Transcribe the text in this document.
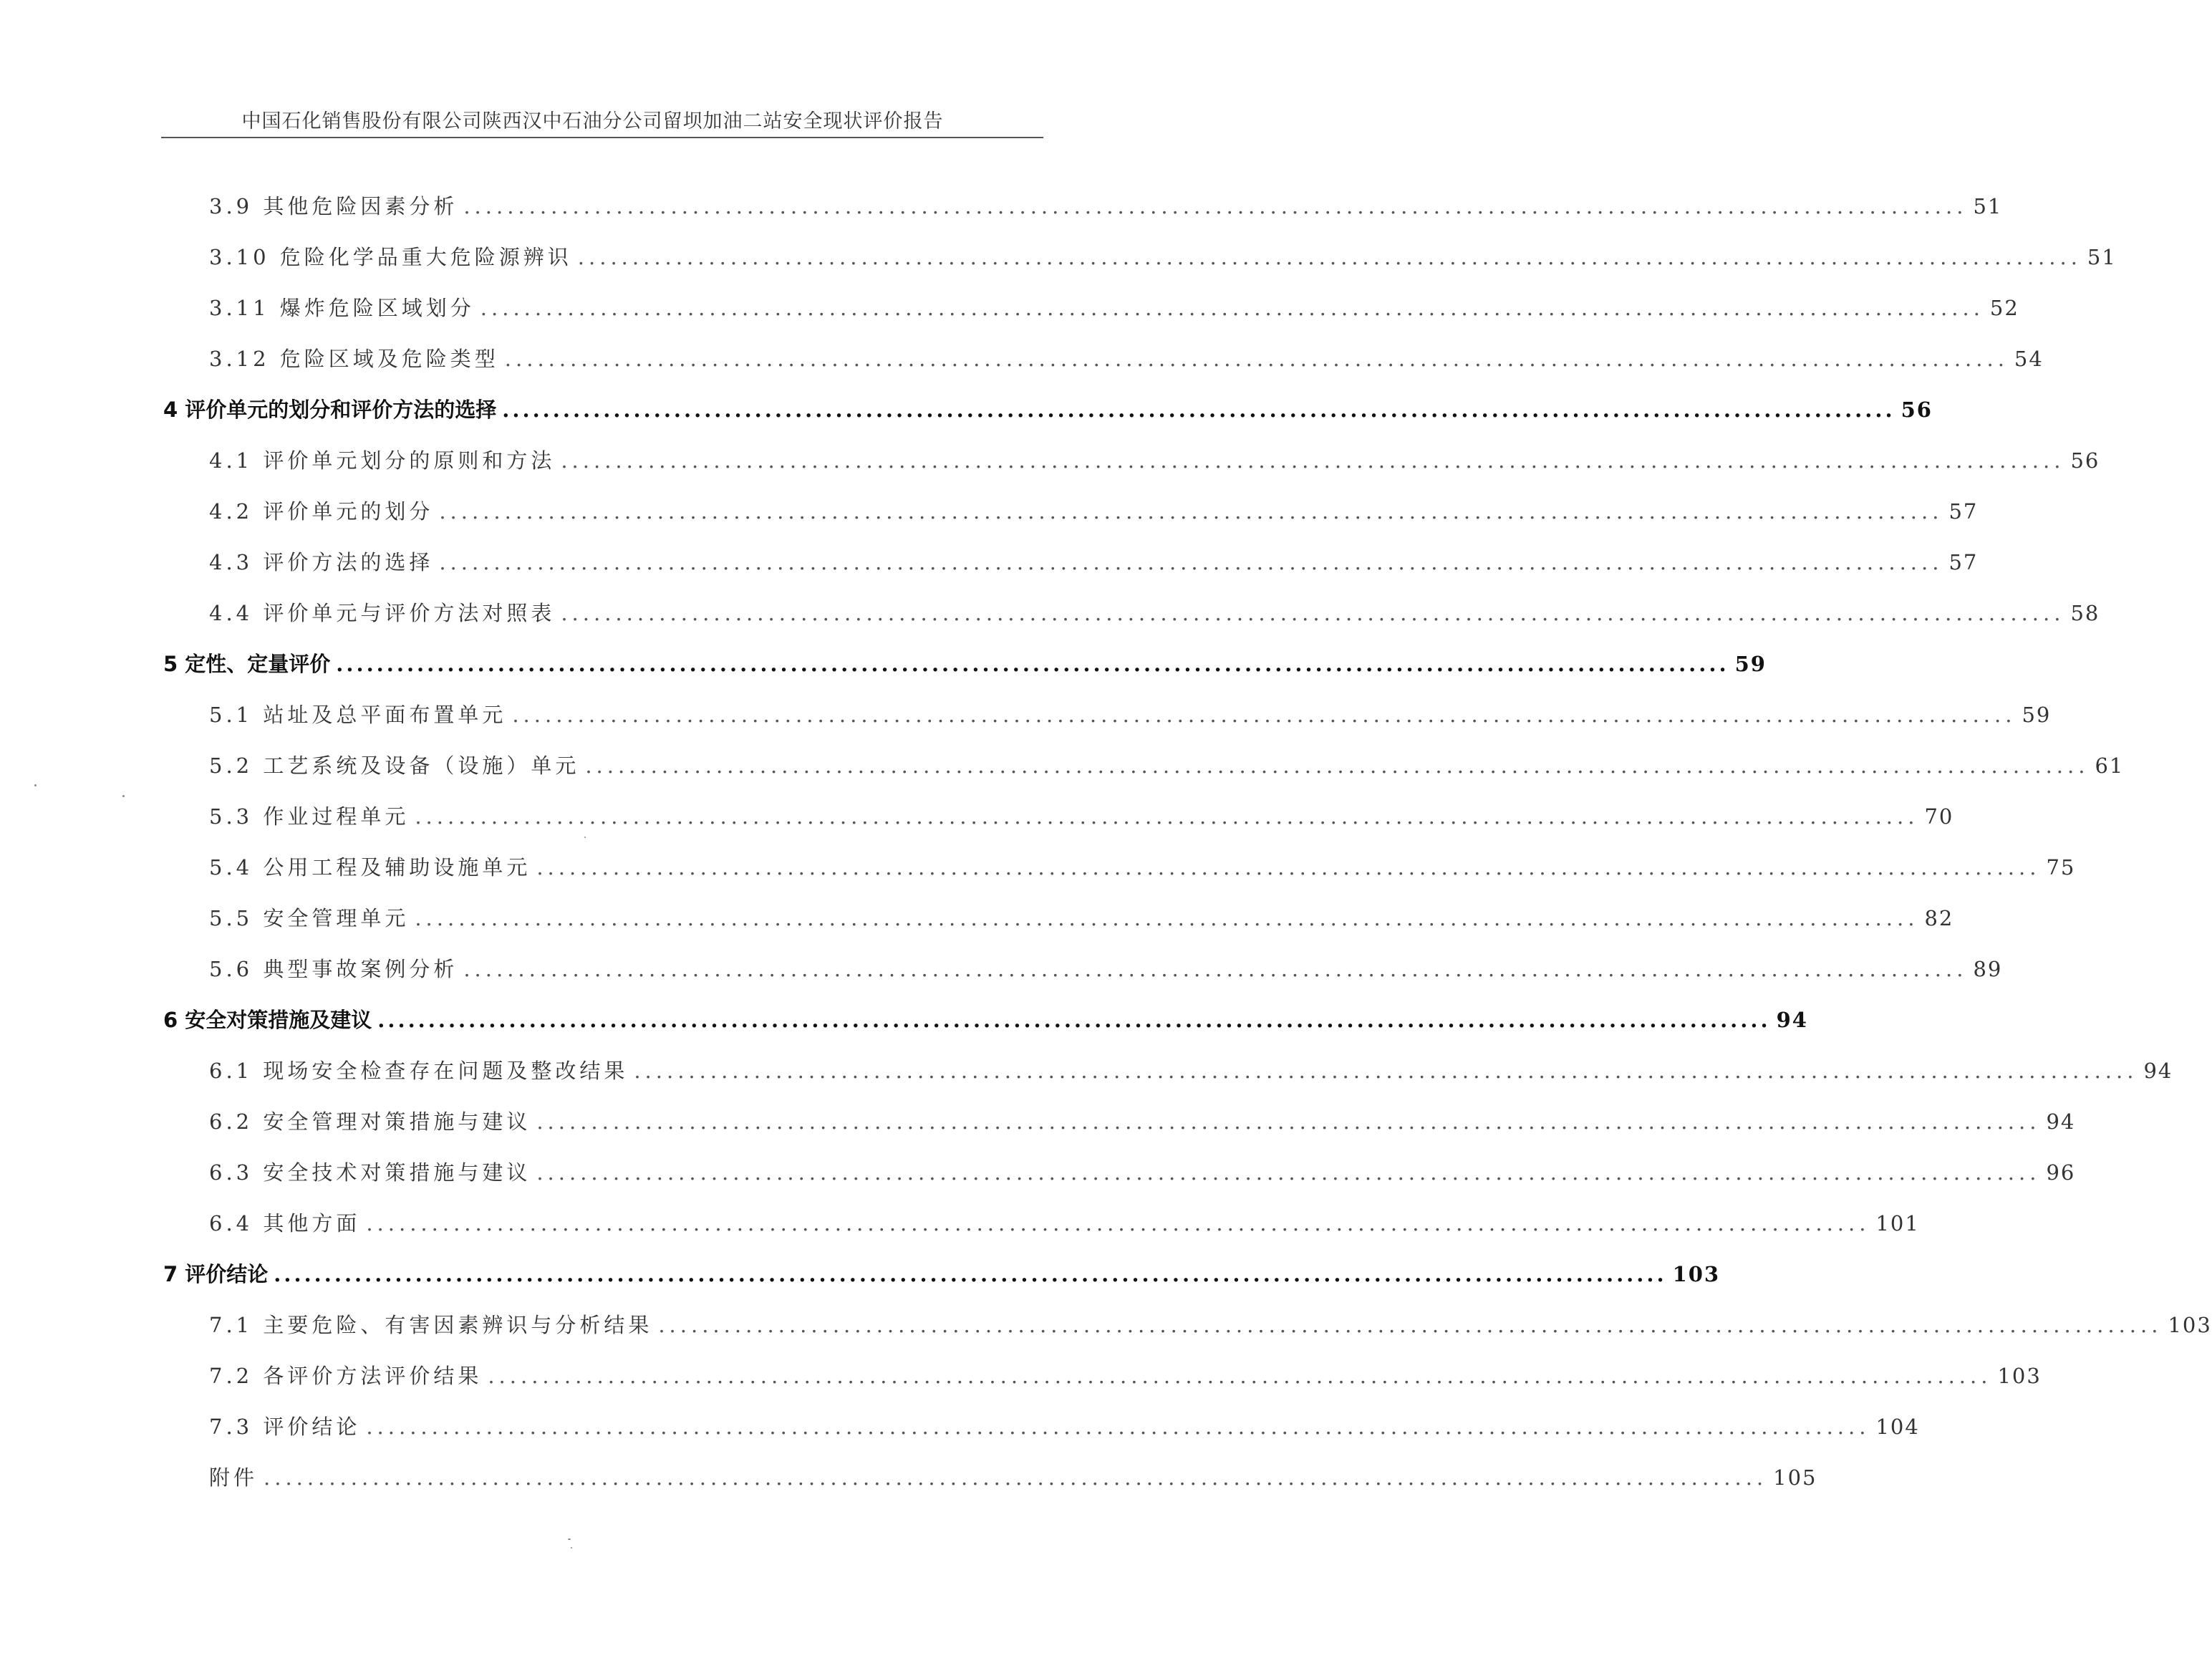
中国石化销售股份有限公司陕西汉中石油分公司留坝加油二站安全现状评价报告
3.9 其他危险因素分析 .......................................................................................................................................... 51
3.10 危险化学品重大危险源辨识 .......................................................................................................................................... 51
3.11 爆炸危险区域划分 .......................................................................................................................................... 52
3.12 危险区域及危险类型 .......................................................................................................................................... 54
4 评价单元的划分和评价方法的选择 .......................................................................................................................................... 56
4.1 评价单元划分的原则和方法 .......................................................................................................................................... 56
4.2 评价单元的划分 .......................................................................................................................................... 57
4.3 评价方法的选择 .......................................................................................................................................... 57
4.4 评价单元与评价方法对照表 .......................................................................................................................................... 58
5 定性、定量评价 .......................................................................................................................................... 59
5.1 站址及总平面布置单元 .......................................................................................................................................... 59
5.2 工艺系统及设备（设施）单元 .......................................................................................................................................... 61
5.3 作业过程单元 .......................................................................................................................................... 70
5.4 公用工程及辅助设施单元 .......................................................................................................................................... 75
5.5 安全管理单元 .......................................................................................................................................... 82
5.6 典型事故案例分析 .......................................................................................................................................... 89
6 安全对策措施及建议 .......................................................................................................................................... 94
6.1 现场安全检查存在问题及整改结果 .......................................................................................................................................... 94
6.2 安全管理对策措施与建议 .......................................................................................................................................... 94
6.3 安全技术对策措施与建议 .......................................................................................................................................... 96
6.4 其他方面 .......................................................................................................................................... 101
7 评价结论 .......................................................................................................................................... 103
7.1 主要危险、有害因素辨识与分析结果 .......................................................................................................................................... 103
7.2 各评价方法评价结果 .......................................................................................................................................... 103
7.3 评价结论 .......................................................................................................................................... 104
附件 .......................................................................................................................................... 105
